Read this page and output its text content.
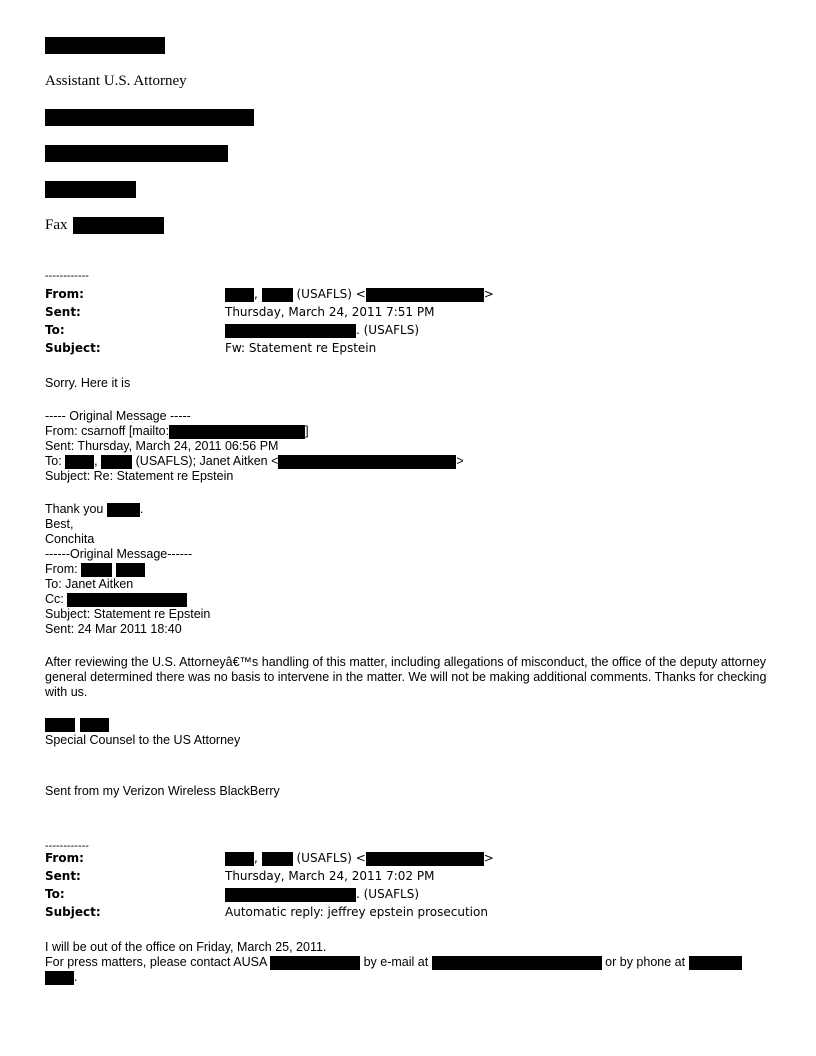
Assistant U.S. Attorney
Fax
------------
From:	,	(USAFLS) <	>
Sent:	Thursday, March 24, 2011 7:51 PM
To:	. (USAFLS)
Subject:	Fw: Statement re Epstein
Sorry. Here it is
----- Original Message -----
From: csarnoff [mailto:	]
Sent: Thursday, March 24, 2011 06:56 PM
To:	,	(USAFLS); Janet Aitken <	>
Subject: Re: Statement re Epstein
Thank you	.
Best,
Conchita
------Original Message------
From:
To: Janet Aitken
Cc:
Subject: Statement re Epstein
Sent: 24 Mar 2011 18:40
After reviewing the U.S. Attorneyâ€™s handling of this matter, including allegations of misconduct, the office of the deputy attorney general determined there was no basis to intervene in the matter. We will not be making additional comments. Thanks for checking with us.
Special Counsel to the US Attorney
Sent from my Verizon Wireless BlackBerry
------------
From:	,	(USAFLS) <	>
Sent:	Thursday, March 24, 2011 7:02 PM
To:	. (USAFLS)
Subject:	Automatic reply: jeffrey epstein prosecution
I will be out of the office on Friday, March 25, 2011.
For press matters, please contact AUSA	by e-mail at	or by phone at
.
